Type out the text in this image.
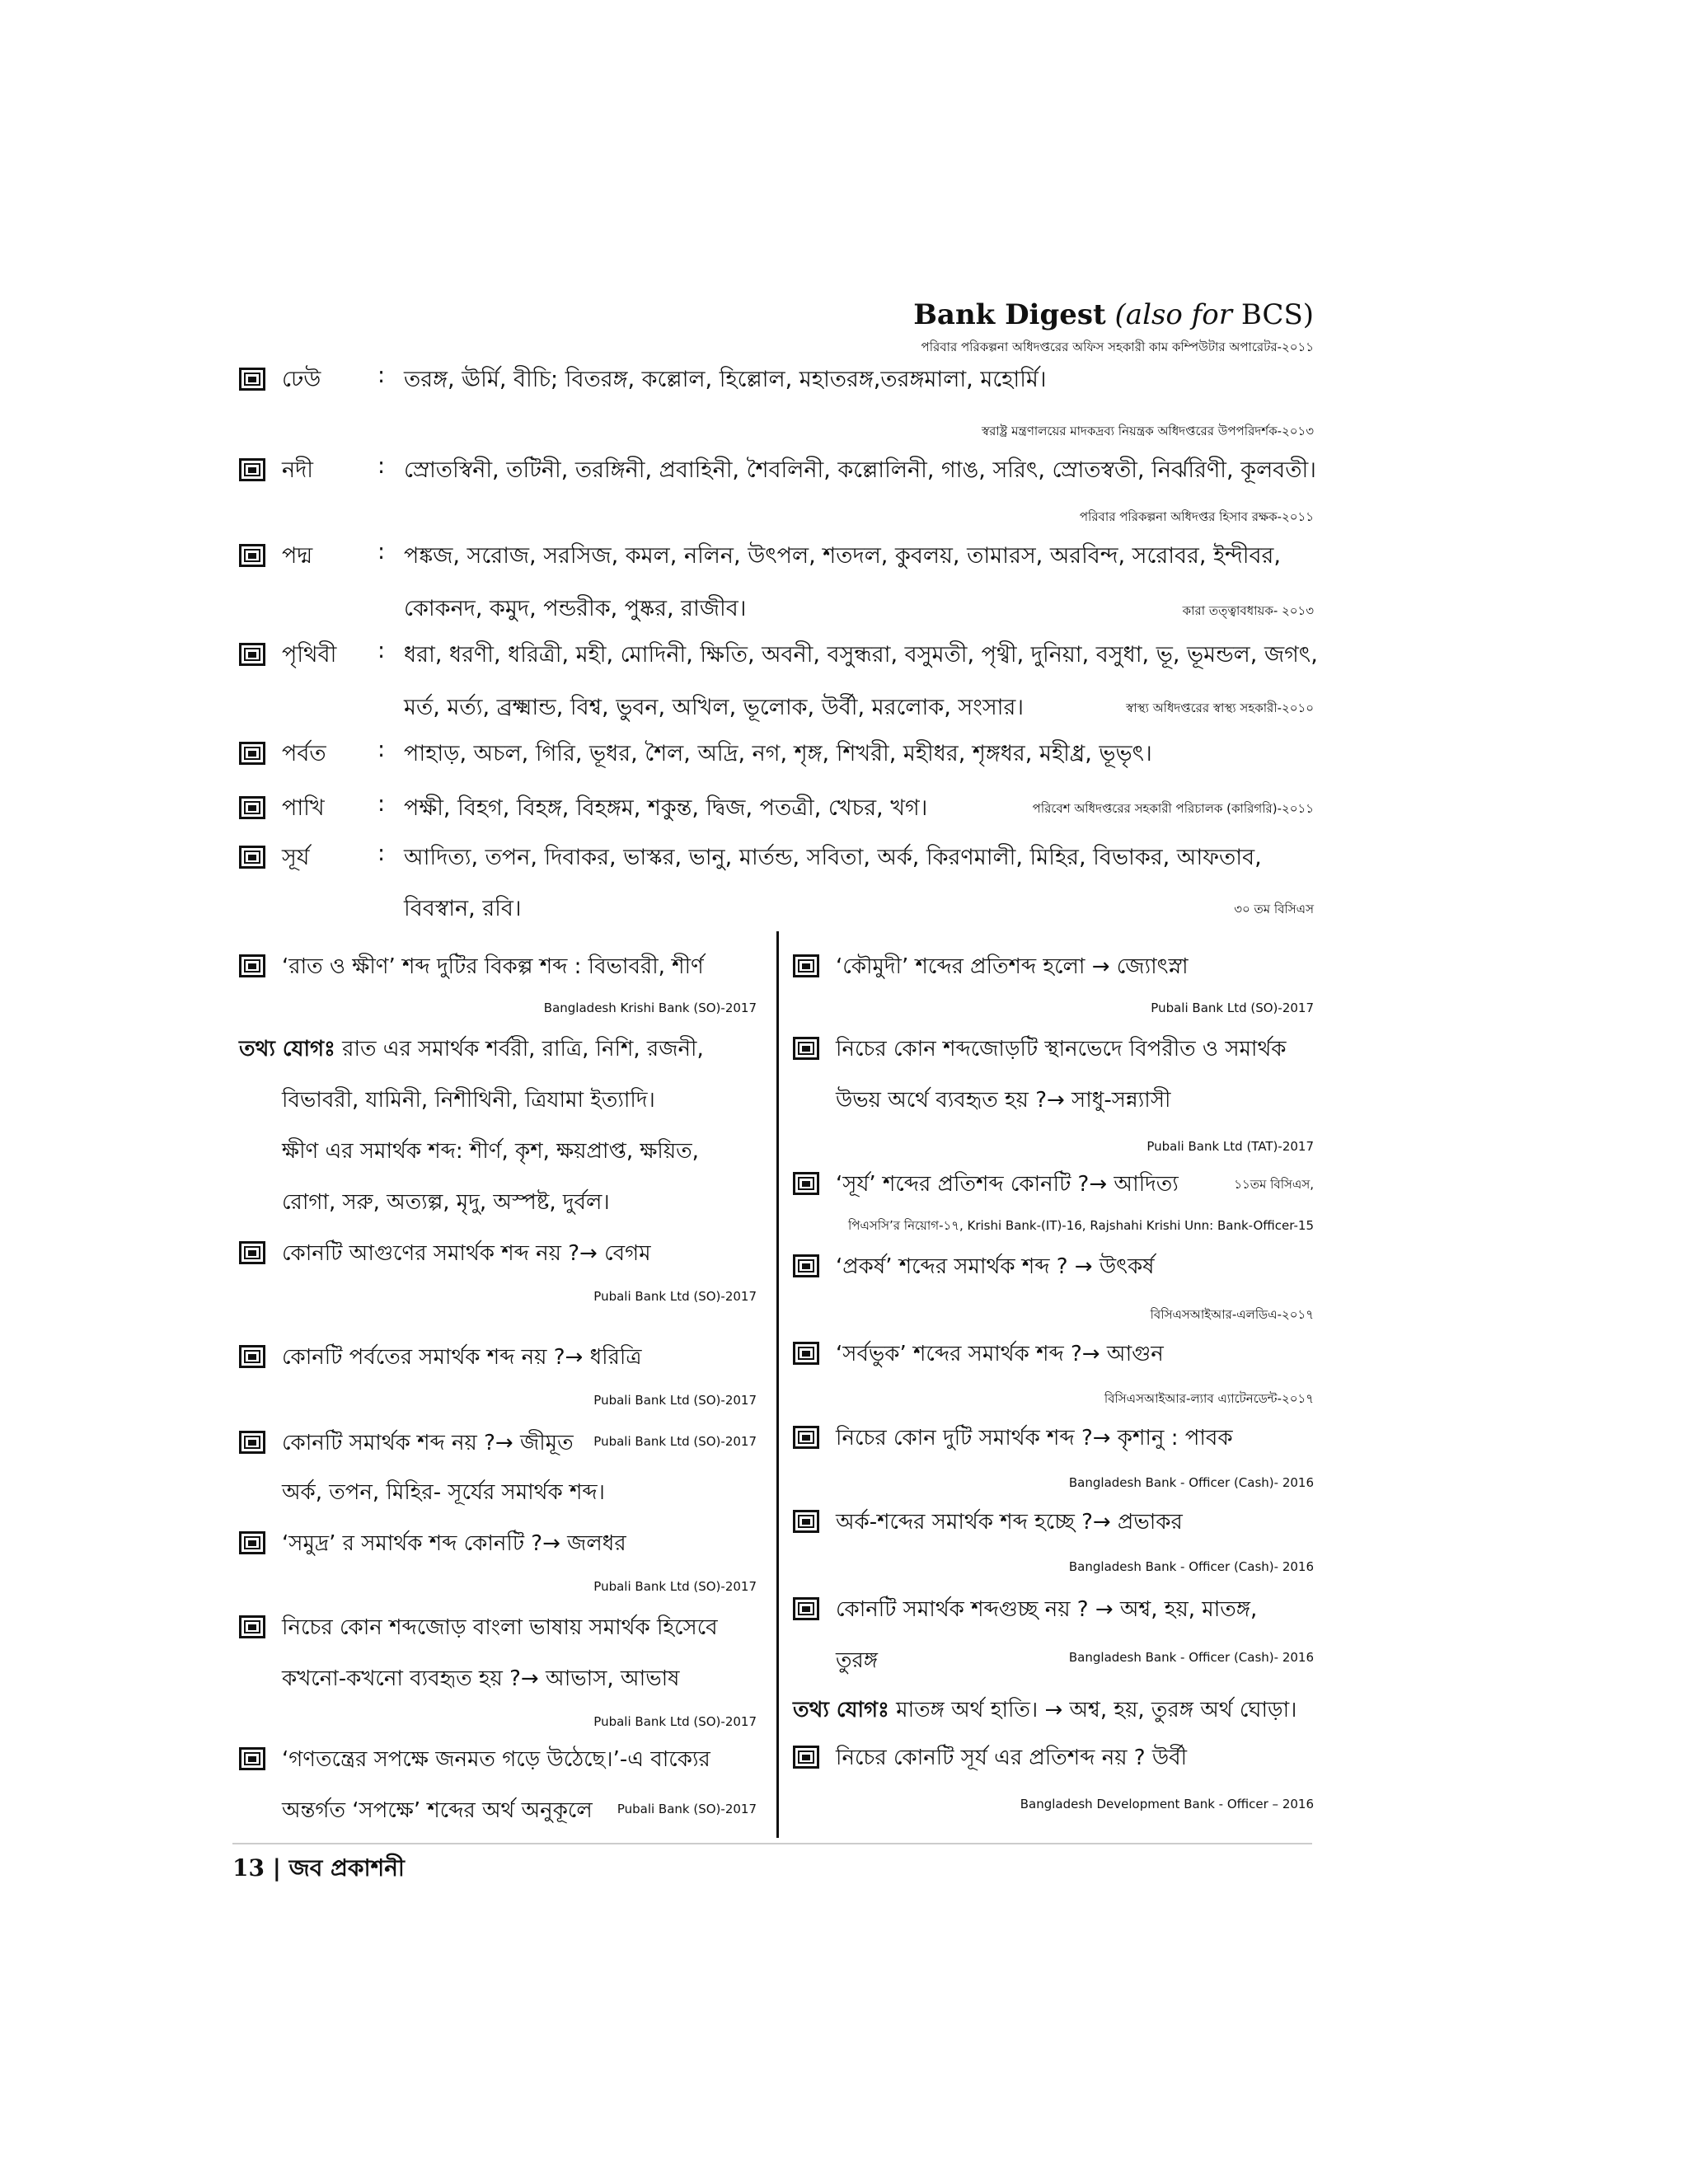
Bank Digest (also for BCS)
পরিবার পরিকল্পনা অধিদপ্তরের অফিস সহকারী কাম কম্পিউটার অপারেটর-২০১১
ঢেউ	: তরঙ্গ, ঊর্মি, বীচি; বিতরঙ্গ, কল্লোল, হিল্লোল, মহাতরঙ্গ,তরঙ্গমালা, মহোর্মি।
স্বরাষ্ট্র মন্ত্রণালয়ের মাদকদ্রব্য নিয়ন্ত্রক অধিদপ্তরের উপপরিদর্শক-২০১৩
নদী	: স্রোতস্বিনী, তটিনী, তরঙ্গিনী, প্রবাহিনী, শৈবলিনী, কল্লোলিনী, গাঙ, সরিৎ, স্রোতস্বতী, নির্ঝরিণী, কূলবতী।
পরিবার পরিকল্পনা অধিদপ্তর হিসাব রক্ষক-২০১১
পদ্ম	: পঙ্কজ, সরোজ, সরসিজ, কমল, নলিন, উৎপল, শতদল, কুবলয়, তামারস, অরবিন্দ, সরোবর, ইন্দীবর,
কোকনদ, কমুদ, পন্ডরীক, পুষ্কর, রাজীব।	কারা তত্ত্বাবধায়ক- ২০১৩
পৃথিবী : ধরা, ধরণী, ধরিত্রী, মহী, মোদিনী, ক্ষিতি, অবনী, বসুন্ধরা, বসুমতী, পৃথ্বী, দুনিয়া, বসুধা, ভূ, ভূমন্ডল, জগৎ,
মর্ত, মর্ত্য, ব্রক্ষ্মান্ড, বিশ্ব, ভুবন, অখিল, ভূলোক, উর্বী, মরলোক, সংসার।	স্বাস্থ্য অধিদপ্তরের স্বাস্থ্য সহকারী-২০১০
পর্বত : পাহাড়, অচল, গিরি, ভূধর, শৈল, অদ্রি, নগ, শৃঙ্গ, শিখরী, মহীধর, শৃঙ্গধর, মহীধ্র, ভূভৃৎ।
পাখি : পক্ষী, বিহগ, বিহঙ্গ, বিহঙ্গম, শকুন্ত, দ্বিজ, পতত্রী, খেচর, খগ।	পরিবেশ অধিদপ্তরের সহকারী পরিচালক (কারিগরি)-২০১১
সূর্য	: আদিত্য, তপন, দিবাকর, ভাস্কর, ভানু, মার্তন্ড, সবিতা, অর্ক, কিরণমালী, মিহির, বিভাকর, আফতাব,
বিবস্বান, রবি।	৩০ তম বিসিএস
‘রাত ও ক্ষীণ’ শব্দ দুটির বিকল্প শব্দ : বিভাবরী, শীর্ণ
Bangladesh Krishi Bank (SO)-2017
তথ্য যোগঃ রাত এর সমার্থক শর্বরী, রাত্রি, নিশি, রজনী,
বিভাবরী, যামিনী, নিশীথিনী, ত্রিযামা ইত্যাদি।
ক্ষীণ এর সমার্থক শব্দ: শীর্ণ, কৃশ, ক্ষয়প্রাপ্ত, ক্ষয়িত,
রোগা, সরু, অত্যল্প, মৃদু, অস্পষ্ট, দুর্বল।
কোনটি আগুণের সমার্থক শব্দ নয় ?→ বেগম
Pubali Bank Ltd (SO)-2017
কোনটি পর্বতের সমার্থক শব্দ নয় ?→ ধরিত্রি
Pubali Bank Ltd (SO)-2017
কোনটি সমার্থক শব্দ নয় ?→ জীমূত Pubali Bank Ltd (SO)-2017
অর্ক, তপন, মিহির- সূর্যের সমার্থক শব্দ।
‘সমুদ্র’ র সমার্থক শব্দ কোনটি ?→ জলধর
Pubali Bank Ltd (SO)-2017
নিচের কোন শব্দজোড় বাংলা ভাষায় সমার্থক হিসেবে
কখনো-কখনো ব্যবহৃত হয় ?→ আভাস, আভাষ
Pubali Bank Ltd (SO)-2017
‘গণতন্ত্রের সপক্ষে জনমত গড়ে উঠেছে।’-এ বাক্যের
অন্তর্গত ‘সপক্ষে’ শব্দের অর্থ অনুকূলে Pubali Bank (SO)-2017
‘কৌমুদী’ শব্দের প্রতিশব্দ হলো → জ্যোৎস্না
Pubali Bank Ltd (SO)-2017
নিচের কোন শব্দজোড়টি স্থানভেদে বিপরীত ও সমার্থক
উভয় অর্থে ব্যবহৃত হয় ?→ সাধু-সন্ন্যাসী
Pubali Bank Ltd (TAT)-2017
‘সূর্য’ শব্দের প্রতিশব্দ কোনটি ?→ আদিত্য	১১তম বিসিএস,
পিএসসি’র নিয়োগ-১৭, Krishi Bank-(IT)-16, Rajshahi Krishi Unn: Bank-Officer-15
‘প্রকর্ষ’ শব্দের সমার্থক শব্দ ? → উৎকর্ষ
বিসিএসআইআর-এলডিএ-২০১৭
‘সর্বভুক’ শব্দের সমার্থক শব্দ ?→ আগুন
বিসিএসআইআর-ল্যাব এ্যাটেনডেন্ট-২০১৭
নিচের কোন দুটি সমার্থক শব্দ ?→ কৃশানু : পাবক
Bangladesh Bank - Officer (Cash)- 2016
অর্ক-শব্দের সমার্থক শব্দ হচ্ছে ?→ প্রভাকর
Bangladesh Bank - Officer (Cash)- 2016
কোনটি সমার্থক শব্দগুচ্ছ নয় ? → অশ্ব, হয়, মাতঙ্গ,
তুরঙ্গ	Bangladesh Bank - Officer (Cash)- 2016
তথ্য যোগঃ মাতঙ্গ অর্থ হাতি। → অশ্ব, হয়, তুরঙ্গ অর্থ ঘোড়া।
নিচের কোনটি সূর্য এর প্রতিশব্দ নয় ? উর্বী
Bangladesh Development Bank - Officer – 2016
13 | জব প্রকাশনী
